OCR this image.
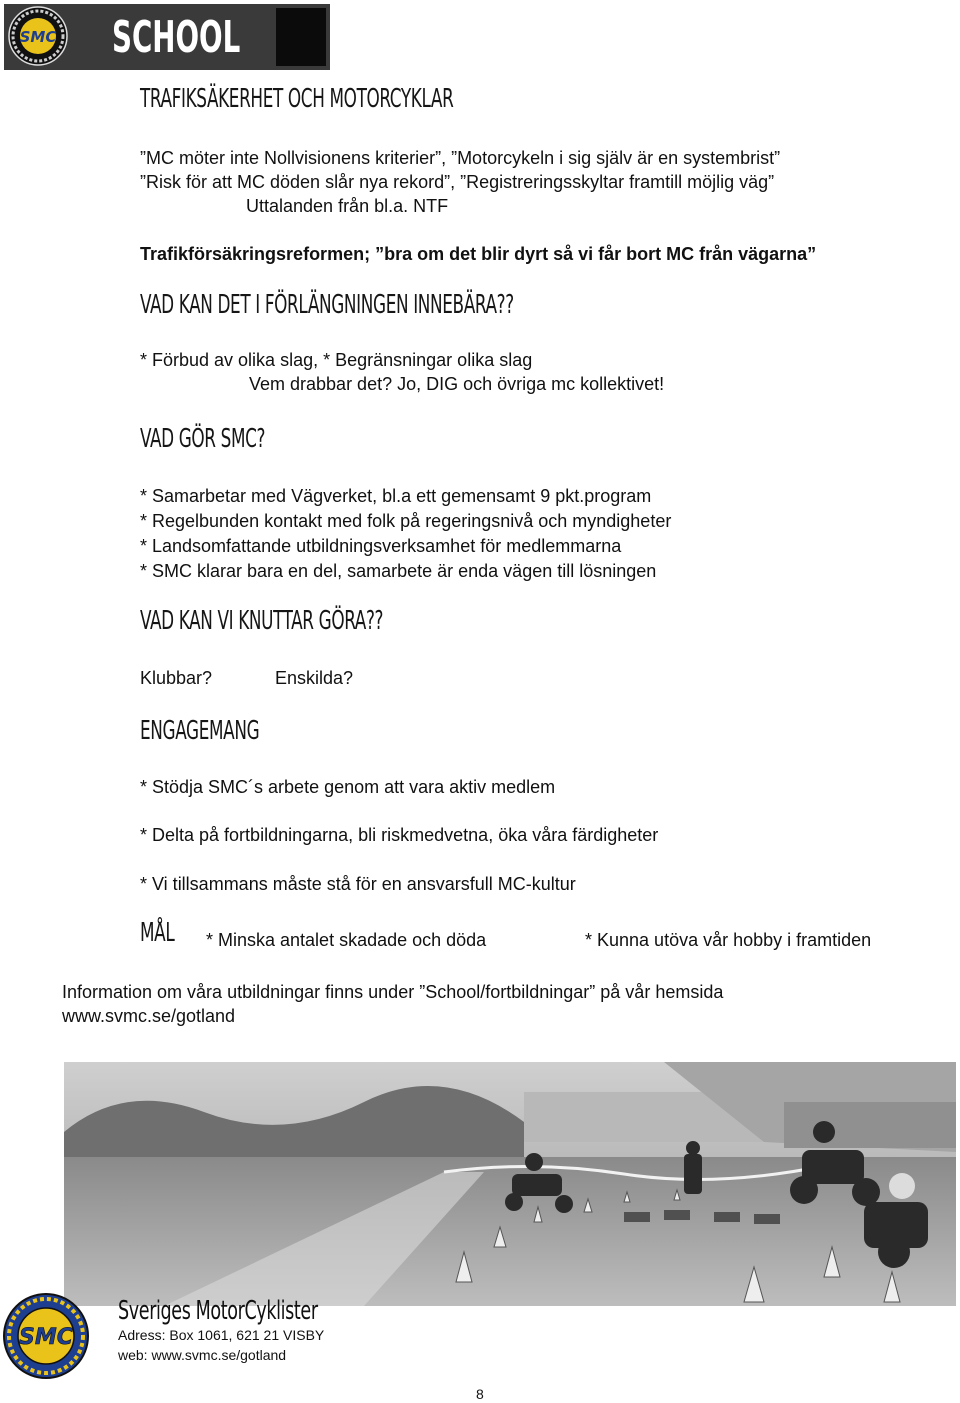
SMC SCHOOL
TRAFIKSÄKERHET OCH MOTORCYKLAR
”MC möter inte Nollvisionens kriterier”, ”Motorcykeln i sig själv är en systembrist”
”Risk för att MC döden slår nya rekord”, ”Registreringsskyltar framtill möjlig väg”
Uttalanden från bl.a. NTF
Trafikförsäkringsreformen; ”bra om det blir dyrt så vi får bort MC från vägarna”
VAD KAN DET I FÖRLÄNGNINGEN INNEBÄRA??
* Förbud av olika slag, * Begränsningar olika slag
Vem drabbar det? Jo, DIG och övriga mc kollektivet!
VAD GÖR SMC?
* Samarbetar med Vägverket, bl.a ett gemensamt 9 pkt.program
* Regelbunden kontakt med folk på regeringsnivå och myndigheter
* Landsomfattande utbildningsverksamhet för medlemmarna
* SMC klarar bara en del, samarbete är enda vägen till lösningen
VAD KAN VI KNUTTAR GÖRA??
Klubbar?	Enskilda?
ENGAGEMANG
* Stödja SMC´s arbete genom att vara aktiv medlem
* Delta på fortbildningarna, bli riskmedvetna, öka våra färdigheter
* Vi tillsammans måste stå för en ansvarsfull MC-kultur
MÅL * Minska antalet skadade och döda	* Kunna utöva vår hobby i framtiden
Information om våra utbildningar finns under ”School/fortbildningar” på vår hemsida
www.svmc.se/gotland
SMC
Sveriges MotorCyklister
Adress: Box 1061, 621 21 VISBY
web: www.svmc.se/gotland
8
